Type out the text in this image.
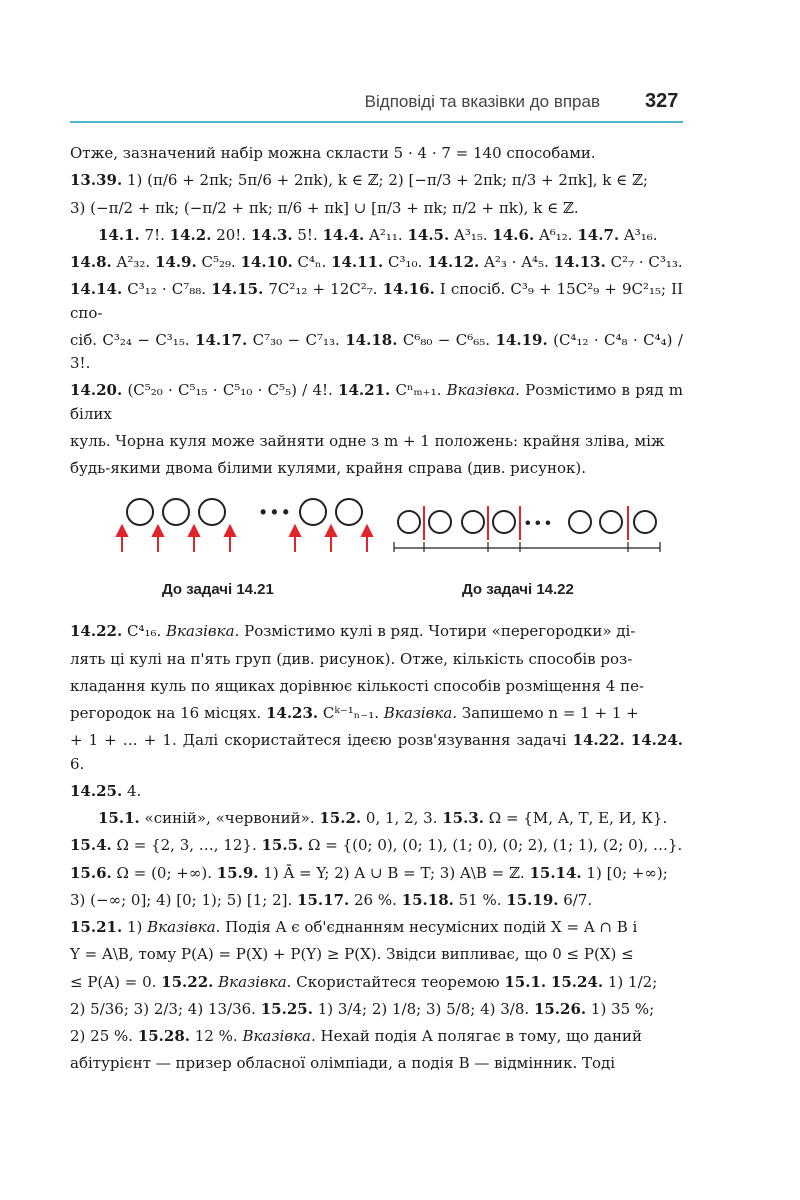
Відповіді та вказівки до вправ 327

Отже, зазначений набір можна скласти 5 · 4 · 7 = 140 способами.

13.39. 1) (π/6 + 2πk; 5π/6 + 2πk), k ∈ ℤ; 2) [−π/3 + 2πk; π/3 + 2πk], k ∈ ℤ;

3) (−π/2 + πk; (−π/2 + πk; π/6 + πk] ∪ [π/3 + πk; π/2 + πk), k ∈ ℤ.

14.1. 7!. 14.2. 20!. 14.3. 5!. 14.4. A²₁₁. 14.5. A³₁₅. 14.6. A⁶₁₂. 14.7. A³₁₆.

14.8. A²₃₂. 14.9. C⁵₂₉. 14.10. C⁴ₙ. 14.11. C³₁₀. 14.12. A²₃ · A⁴₅. 14.13. C²₇ · C³₁₃.

14.14. C³₁₂ · C⁷₈₈. 14.15. 7C²₁₂ + 12C²₇. 14.16. І спосіб. C³₉ + 15C²₉ + 9C²₁₅; ІІ спо-

сіб. C³₂₄ − C³₁₅. 14.17. C⁷₃₀ − C⁷₁₃. 14.18. C⁶₈₀ − C⁶₆₅. 14.19. (C⁴₁₂ · C⁴₈ · C⁴₄) / 3!.

14.20. (C⁵₂₀ · C⁵₁₅ · C⁵₁₀ · C⁵₅) / 4!. 14.21. Cⁿₘ₊₁. Вказівка. Розмістимо в ряд m білих

куль. Чорна куля може зайняти одне з m + 1 положень: крайня зліва, між

будь-якими двома білими кулями, крайня справа (див. рисунок).

• • •
До задачі 14.21
• • •
До задачі 14.22

14.22. C⁴₁₆. Вказівка. Розмістимо кулі в ряд. Чотири «перегородки» ді-

лять ці кулі на п'ять груп (див. рисунок). Отже, кількість способів роз-

кладання куль по ящиках дорівнює кількості способів розміщення 4 пе-

регородок на 16 місцях. 14.23. Cᵏ⁻¹ₙ₋₁. Вказівка. Запишемо n = 1 + 1 +

+ 1 + … + 1. Далі скористайтеся ідеєю розв'язування задачі 14.22. 14.24. 6.

14.25. 4.

15.1. «синій», «червоний». 15.2. 0, 1, 2, 3. 15.3. Ω = {М, А, Т, Е, И, К}.

15.4. Ω = {2, 3, …, 12}. 15.5. Ω = {(0; 0), (0; 1), (1; 0), (0; 2), (1; 1), (2; 0), …}.

15.6. Ω = (0; +∞). 15.9. 1) Ā = Y; 2) A ∪ B = T; 3) A\B = ℤ. 15.14. 1) [0; +∞);

3) (−∞; 0]; 4) [0; 1); 5) [1; 2]. 15.17. 26 %. 15.18. 51 %. 15.19. 6/7.

15.21. 1) Вказівка. Подія A є об'єднанням несумісних подій X = A ∩ B і

Y = A\B, тому P(A) = P(X) + P(Y) ≥ P(X). Звідси випливає, що 0 ≤ P(X) ≤

≤ P(A) = 0. 15.22. Вказівка. Скористайтеся теоремою 15.1. 15.24. 1) 1/2;

2) 5/36; 3) 2/3; 4) 13/36. 15.25. 1) 3/4; 2) 1/8; 3) 5/8; 4) 3/8. 15.26. 1) 35 %;

2) 25 %. 15.28. 12 %. Вказівка. Нехай подія A полягає в тому, що даний

абітурієнт — призер обласної олімпіади, а подія B — відмінник. Тоді
